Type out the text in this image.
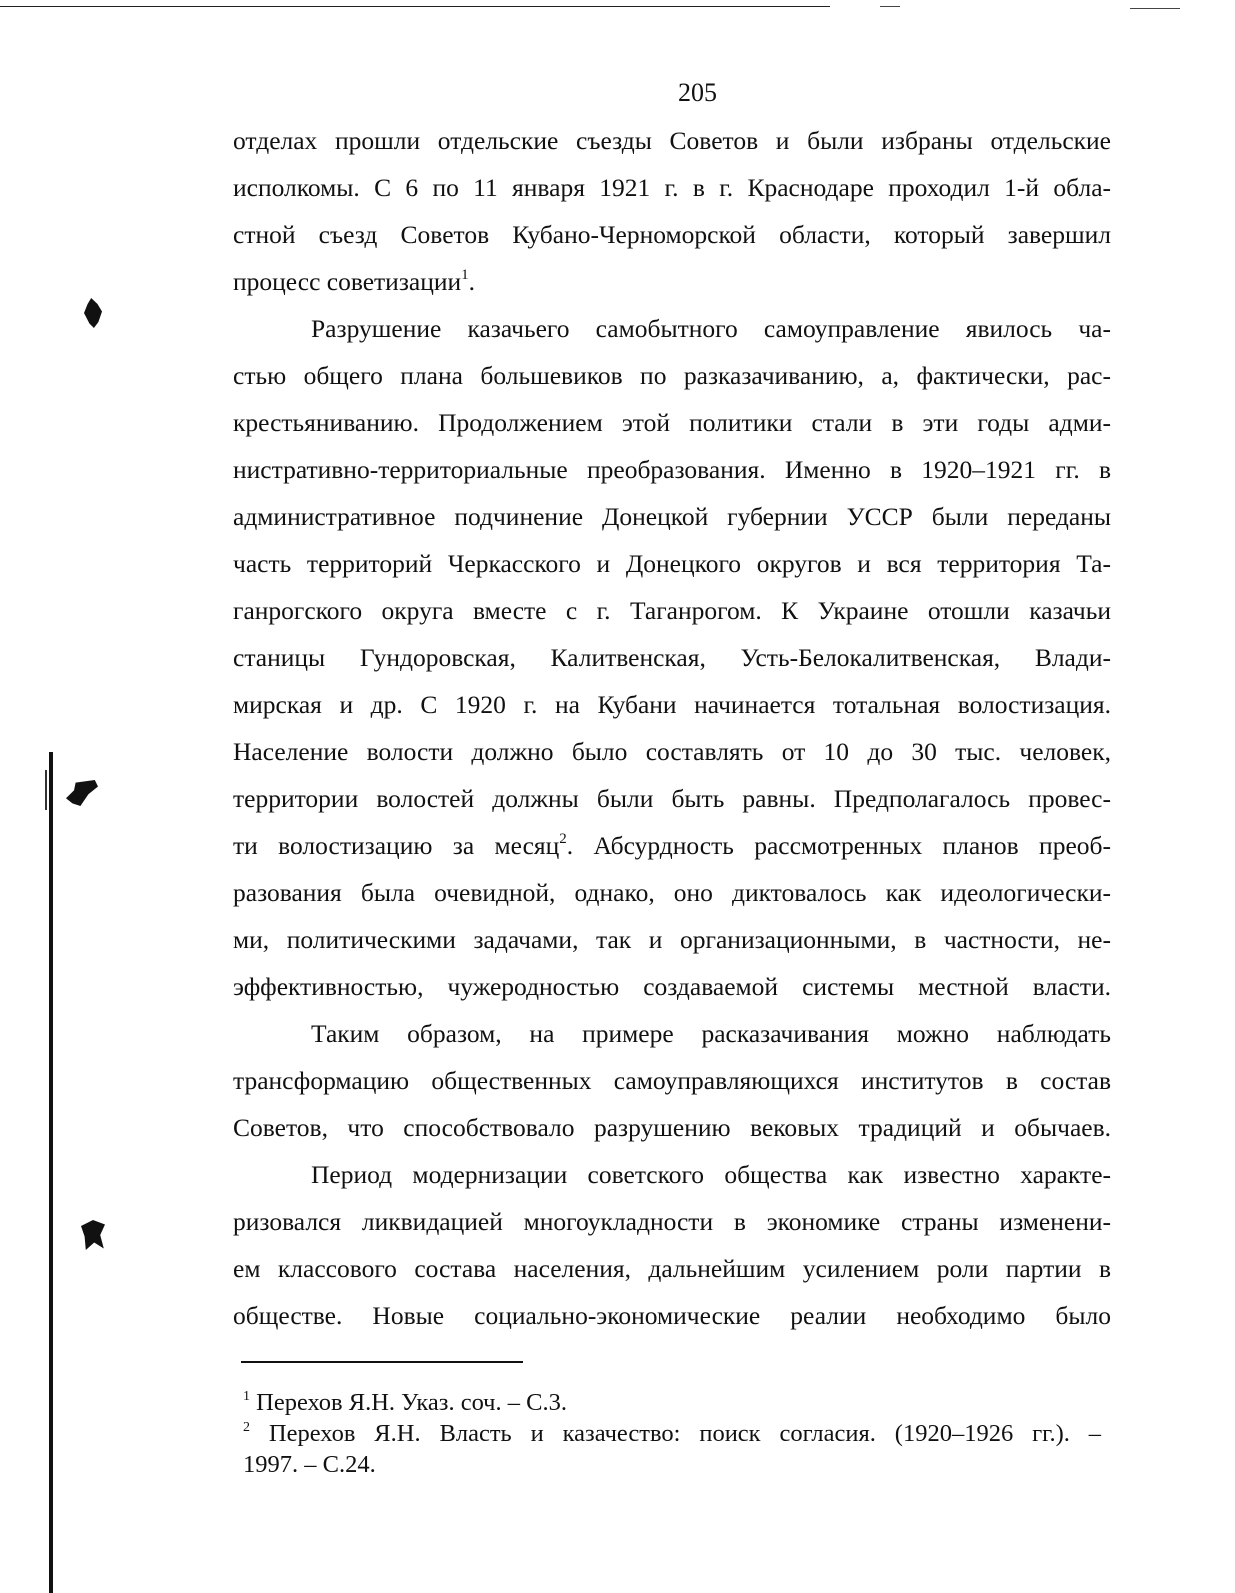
205
отделах прошли отдельские съезды Советов и были избраны отдельские
исполкомы. С 6 по 11 января 1921 г. в г. Краснодаре проходил 1-й обла-
стной съезд Советов Кубано-Черноморской области, который завершил
процесс советизации$^1$.
Разрушение казачьего самобытного самоуправление явилось ча-
стью общего плана большевиков по разказачиванию, а, фактически, рас-
крестьяниванию. Продолжением этой политики стали в эти годы адми-
нистративно-территориальные преобразования. Именно в 1920–1921 гг. в
административное подчинение Донецкой губернии УССР были переданы
часть территорий Черкасского и Донецкого округов и вся территория Та-
ганрогского округа вместе с г. Таганрогом. К Украине отошли казачьи
станицы Гундоровская, Калитвенская, Усть-Белокалитвенская, Влади-
мирская и др. С 1920 г. на Кубани начинается тотальная волостизация.
Население волости должно было составлять от 10 до 30 тыс. человек,
территории волостей должны были быть равны. Предполагалось провес-
ти волостизацию за месяц$^2$. Абсурдность рассмотренных планов преоб-
разования была очевидной, однако, оно диктовалось как идеологически-
ми, политическими задачами, так и организационными, в частности, не-
эффективностью, чужеродностью создаваемой системы местной власти.
Таким образом, на примере расказачивания можно наблюдать
трансформацию общественных самоуправляющихся институтов в состав
Советов, что способствовало разрушению вековых традиций и обычаев.
Период модернизации советского общества как известно характе-
ризовался ликвидацией многоукладности в экономике страны изменени-
ем классового состава населения, дальнейшим усилением роли партии в
обществе. Новые социально-экономические реалии необходимо было
$^1$ Перехов Я.Н. Указ. соч. – С.3.
$^2$ Перехов Я.Н. Власть и казачество: поиск согласия. (1920–1926 гг.). –
1997. – С.24.
